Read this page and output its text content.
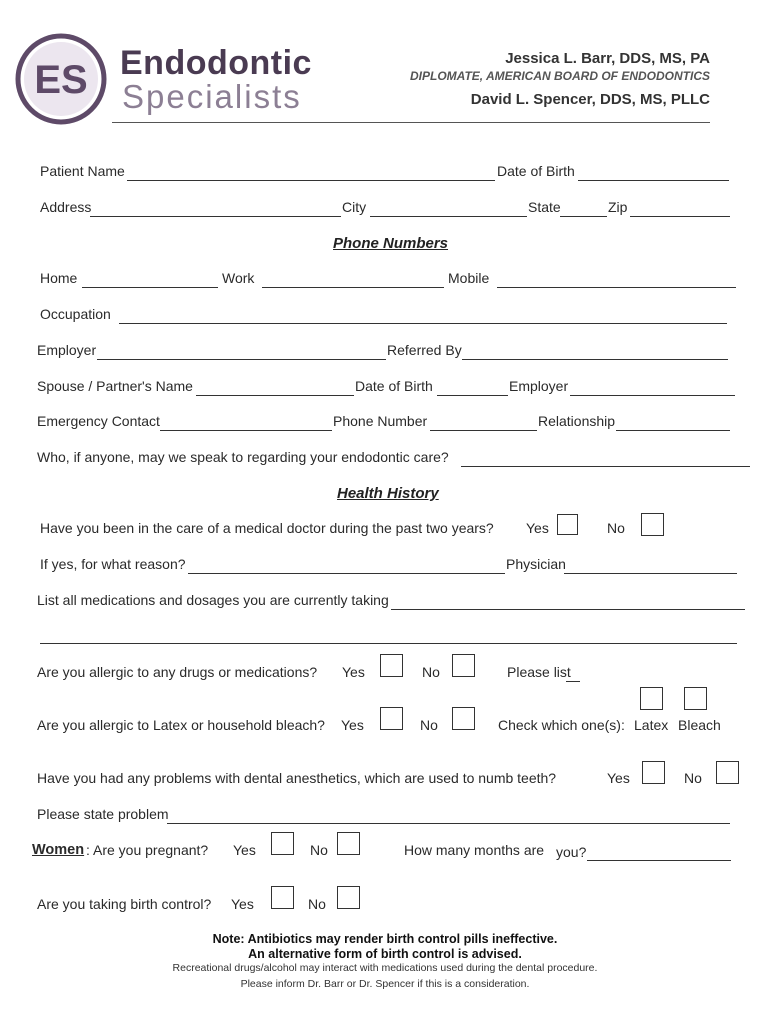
ES Endodontic
Specialists
Jessica L. Barr, DDS, MS, PA
DIPLOMATE, AMERICAN BOARD OF ENDODONTICS
David L. Spencer, DDS, MS, PLLC
Patient Name	Date of Birth
Address	City	State	Zip
Phone Numbers
Home	Work	Mobile
Occupation
Employer	Referred By
Spouse / Partner's Name	Date of Birth	Employer
Emergency Contact	Phone Number	Relationship
Who, if anyone, may we speak to regarding your endodontic care?
Health History
Have you been in the care of a medical doctor during the past two years? Yes	No
If yes, for what reason?	Physician
List all medications and dosages you are currently taking
Are you allergic to any drugs or medications? Yes	No	Please list
Are you allergic to Latex or household bleach? Yes	No	Check which one(s): Latex Bleach
Have you had any problems with dental anesthetics, which are used to numb teeth?	Yes	No
Please state problem
Women : Are you pregnant? Yes	No	How many months are you?
Are you taking birth control? Yes	No
Note: Antibiotics may render birth control pills ineffective.
An alternative form of birth control is advised.
Recreational drugs/alcohol may interact with medications used during the dental procedure.
Please inform Dr. Barr or Dr. Spencer if this is a consideration.
